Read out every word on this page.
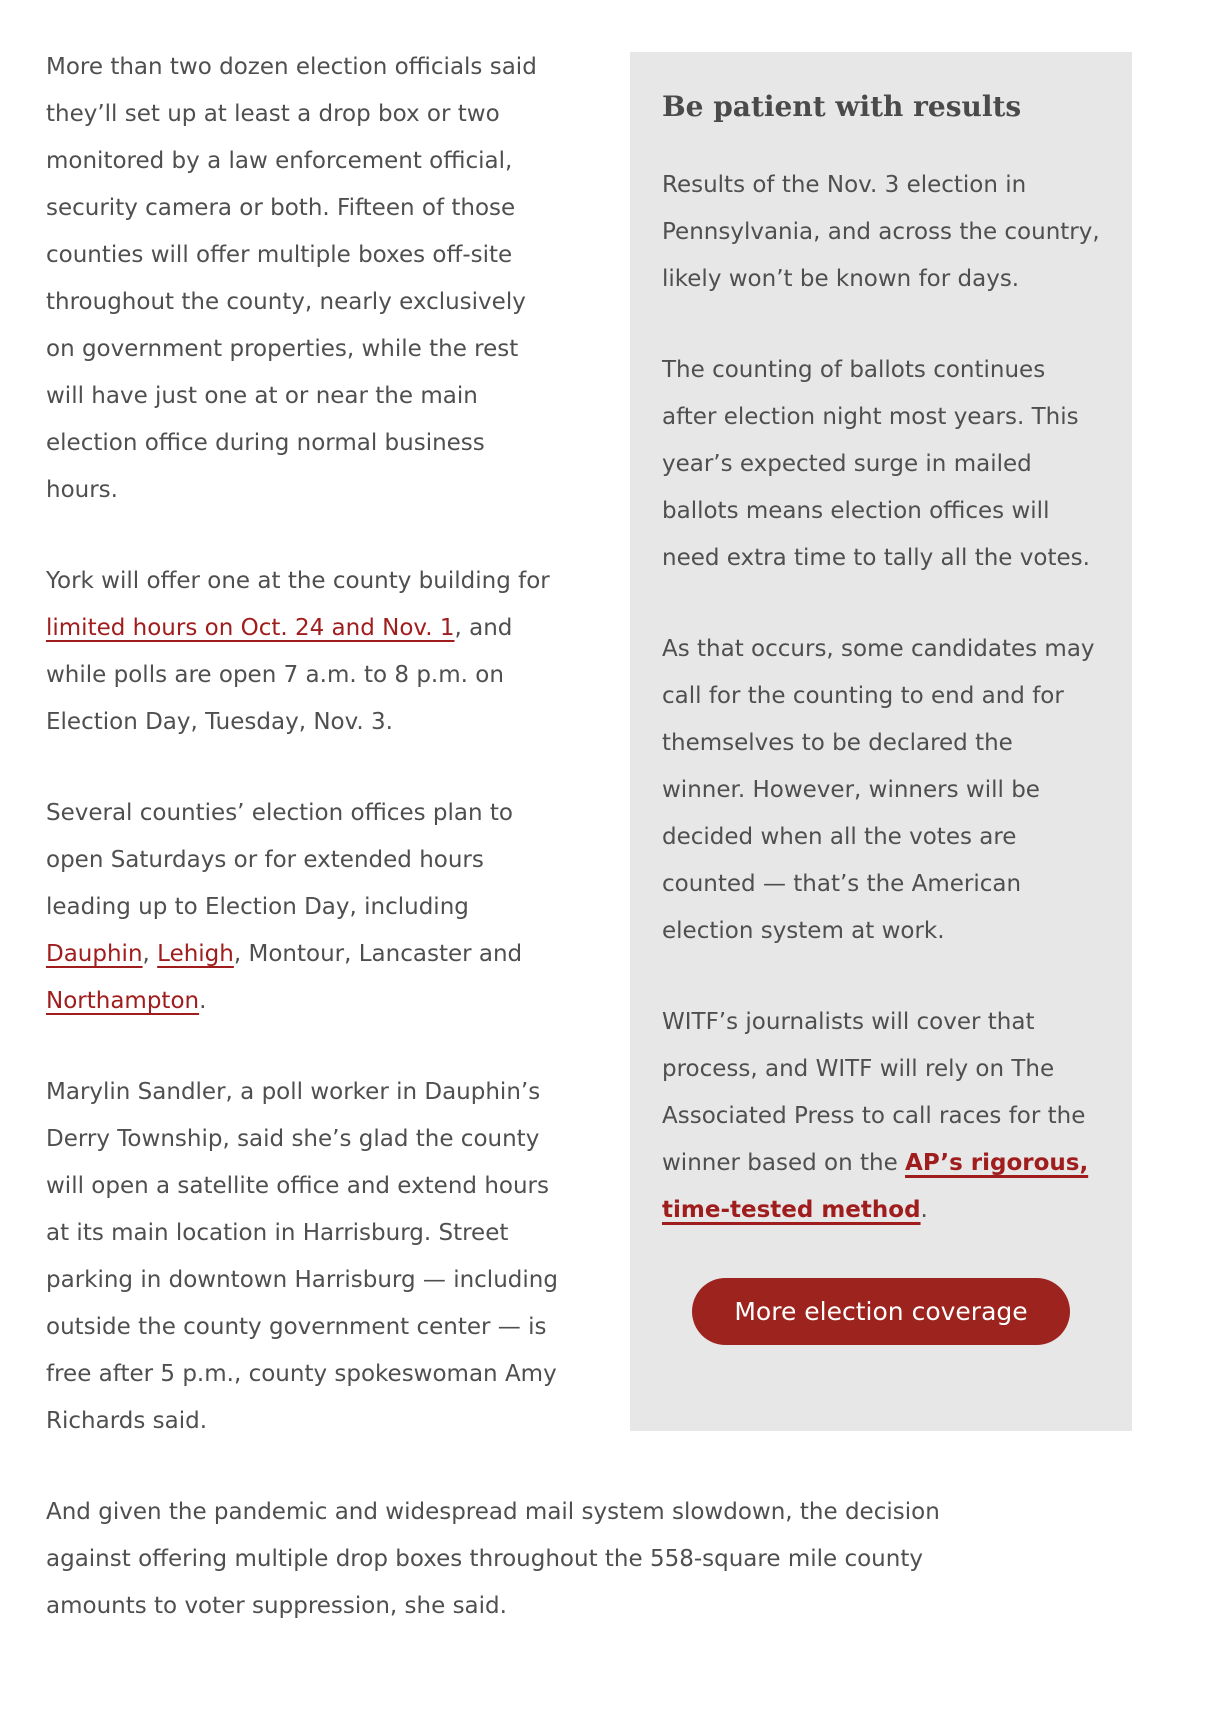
Be patient with results

Results of the Nov. 3 election in Pennsylvania, and across the country, likely won’t be known for days.

The counting of ballots continues after election night most years. This year’s expected surge in mailed ballots means election offices will need extra time to tally all the votes.

As that occurs, some candidates may call for the counting to end and for themselves to be declared the winner. However, winners will be decided when all the votes are counted — that’s the American election system at work.

WITF’s journalists will cover that process, and WITF will rely on The Associated Press to call races for the winner based on the AP’s rigorous, time-tested method.

More election coverage

More than two dozen election officials said they’ll set up at least a drop box or two monitored by a law enforcement official, security camera or both. Fifteen of those counties will offer multiple boxes off-site throughout the county, nearly exclusively on government properties, while the rest will have just one at or near the main election office during normal business hours.

York will offer one at the county building for limited hours on Oct. 24 and Nov. 1, and while polls are open 7 a.m. to 8 p.m. on Election Day, Tuesday, Nov. 3.

Several counties’ election offices plan to open Saturdays or for extended hours leading up to Election Day, including Dauphin, Lehigh, Montour, Lancaster and Northampton.

Marylin Sandler, a poll worker in Dauphin’s Derry Township, said she’s glad the county will open a satellite office and extend hours at its main location in Harrisburg. Street parking in downtown Harrisburg — including outside the county government center — is free after 5 p.m., county spokeswoman Amy Richards said.

And given the pandemic and widespread mail system slowdown, the decision against offering multiple drop boxes throughout the 558-square mile county amounts to voter suppression, she said.
